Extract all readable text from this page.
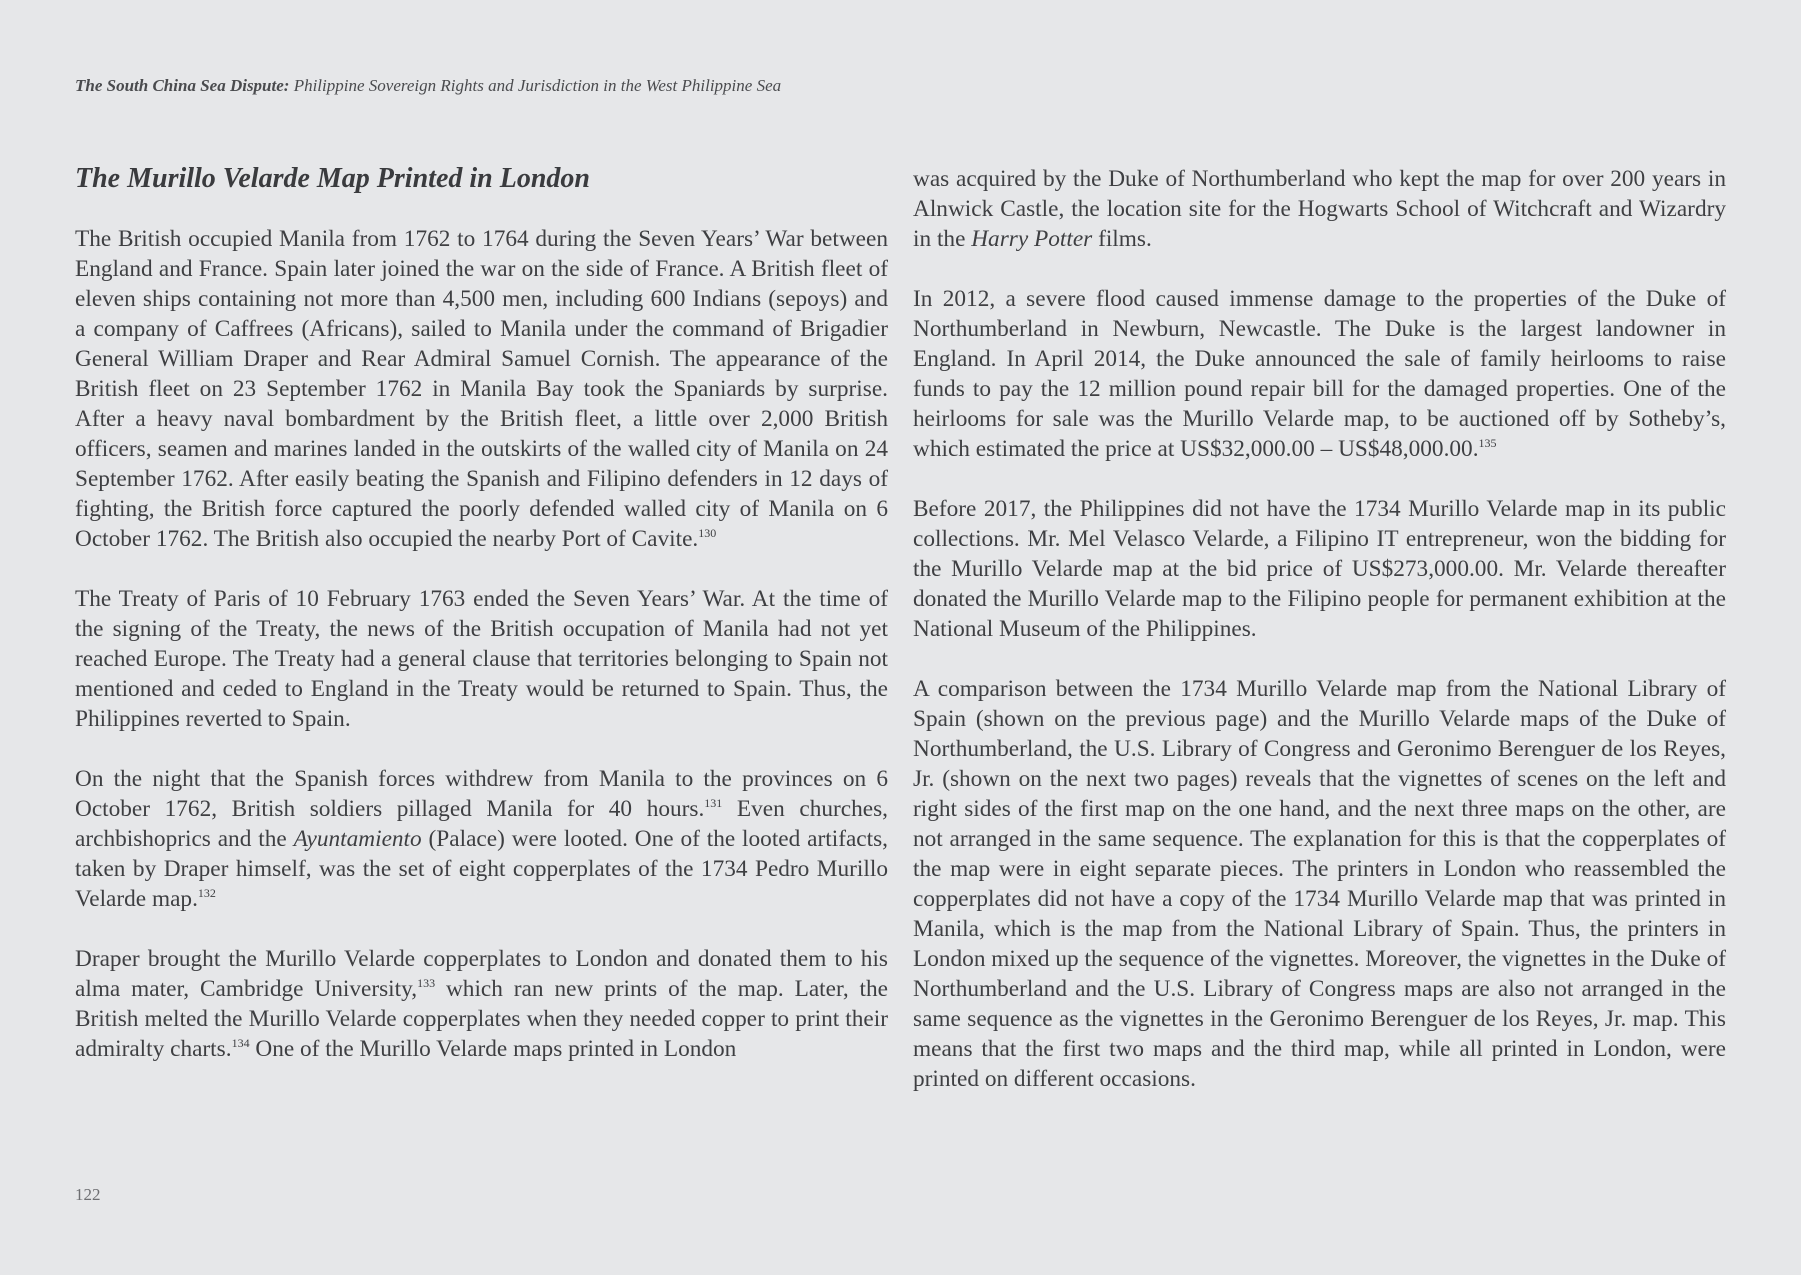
The South China Sea Dispute: Philippine Sovereign Rights and Jurisdiction in the West Philippine Sea
The Murillo Velarde Map Printed in London

The British occupied Manila from 1762 to 1764 during the Seven Years’ War between England and France. Spain later joined the war on the side of France. A British fleet of eleven ships containing not more than 4,500 men, including 600 Indians (sepoys) and a company of Caffrees (Africans), sailed to Manila under the command of Brigadier General William Draper and Rear Admiral Samuel Cornish. The appearance of the British fleet on 23 September 1762 in Manila Bay took the Spaniards by surprise. After a heavy naval bombardment by the British fleet, a little over 2,000 British officers, seamen and marines landed in the outskirts of the walled city of Manila on 24 September 1762. After easily beating the Spanish and Filipino defenders in 12 days of fighting, the British force captured the poorly defended walled city of Manila on 6 October 1762. The British also occupied the nearby Port of Cavite.$^{130}$

The Treaty of Paris of 10 February 1763 ended the Seven Years’ War. At the time of the signing of the Treaty, the news of the British occupation of Manila had not yet reached Europe. The Treaty had a general clause that territories belonging to Spain not mentioned and ceded to England in the Treaty would be returned to Spain. Thus, the Philippines reverted to Spain.

On the night that the Spanish forces withdrew from Manila to the provinces on 6 October 1762, British soldiers pillaged Manila for 40 hours.$^{131}$ Even churches, archbishoprics and the Ayuntamiento (Palace) were looted. One of the looted artifacts, taken by Draper himself, was the set of eight copperplates of the 1734 Pedro Murillo Velarde map.$^{132}$

Draper brought the Murillo Velarde copperplates to London and donated them to his alma mater, Cambridge University,$^{133}$ which ran new prints of the map. Later, the British melted the Murillo Velarde copperplates when they needed copper to print their admiralty charts.$^{134}$ One of the Murillo Velarde maps printed in London

was acquired by the Duke of Northumberland who kept the map for over 200 years in Alnwick Castle, the location site for the Hogwarts School of Witchcraft and Wizardry in the Harry Potter films.

In 2012, a severe flood caused immense damage to the properties of the Duke of Northumberland in Newburn, Newcastle. The Duke is the largest landowner in England. In April 2014, the Duke announced the sale of family heirlooms to raise funds to pay the 12 million pound repair bill for the damaged properties. One of the heirlooms for sale was the Murillo Velarde map, to be auctioned off by Sotheby’s, which estimated the price at US$32,000.00 – US$48,000.00.$^{135}$

Before 2017, the Philippines did not have the 1734 Murillo Velarde map in its public collections. Mr. Mel Velasco Velarde, a Filipino IT entrepreneur, won the bidding for the Murillo Velarde map at the bid price of US$273,000.00. Mr. Velarde thereafter donated the Murillo Velarde map to the Filipino people for permanent exhibition at the National Museum of the Philippines.

A comparison between the 1734 Murillo Velarde map from the National Library of Spain (shown on the previous page) and the Murillo Velarde maps of the Duke of Northumberland, the U.S. Library of Congress and Geronimo Berenguer de los Reyes, Jr. (shown on the next two pages) reveals that the vignettes of scenes on the left and right sides of the first map on the one hand, and the next three maps on the other, are not arranged in the same sequence. The explanation for this is that the copperplates of the map were in eight separate pieces. The printers in London who reassembled the copperplates did not have a copy of the 1734 Murillo Velarde map that was printed in Manila, which is the map from the National Library of Spain. Thus, the printers in London mixed up the sequence of the vignettes. Moreover, the vignettes in the Duke of Northumberland and the U.S. Library of Congress maps are also not arranged in the same sequence as the vignettes in the Geronimo Berenguer de los Reyes, Jr. map. This means that the first two maps and the third map, while all printed in London, were printed on different occasions.

122
